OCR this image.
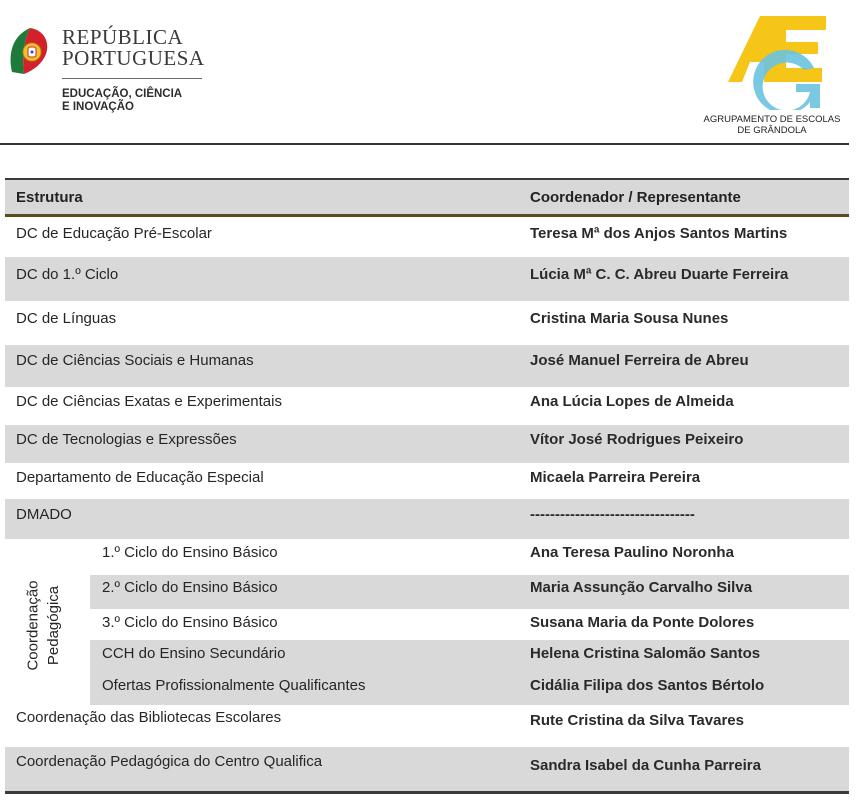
REPÚBLICA
PORTUGUESA
EDUCAÇÃO, CIÊNCIA
E INOVAÇÃO
AGRUPAMENTO DE ESCOLAS
DE GRÂNDOLA
Estrutura	Coordenador / Representante
DC de Educação Pré-Escolar	Teresa Mª dos Anjos Santos Martins
DC do 1.º Ciclo	Lúcia Mª C. C. Abreu Duarte Ferreira
DC de Línguas	Cristina Maria Sousa Nunes
DC de Ciências Sociais e Humanas	José Manuel Ferreira de Abreu
DC de Ciências Exatas e Experimentais	Ana Lúcia Lopes de Almeida
DC de Tecnologias e Expressões	Vítor José Rodrigues Peixeiro
Departamento de Educação Especial	Micaela Parreira Pereira
DMADO	---------------------------------
1.º Ciclo do Ensino Básico	Ana Teresa Paulino Noronha
2.º Ciclo do Ensino Básico	Maria Assunção Carvalho Silva
3.º Ciclo do Ensino Básico	Susana Maria da Ponte Dolores
CCH do Ensino Secundário	Helena Cristina Salomão Santos
Ofertas Profissionalmente Qualificantes	Cidália Filipa dos Santos Bértolo
Coordenação das Bibliotecas Escolares	Rute Cristina da Silva Tavares
Coordenação Pedagógica do Centro Qualifica	Sandra Isabel da Cunha Parreira
Coordenação Pedagógica
